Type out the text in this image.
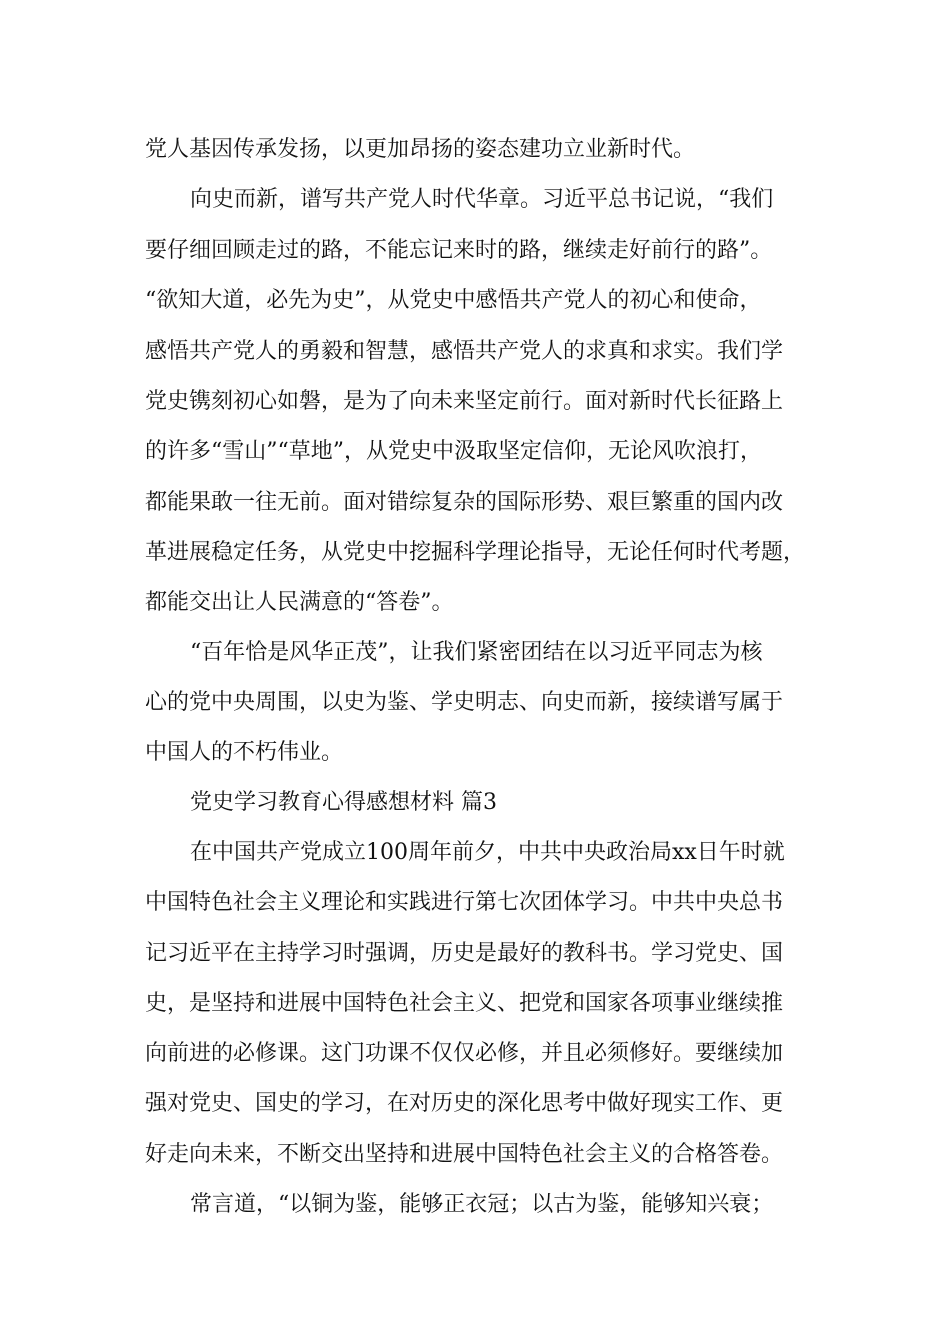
党人基因传承发扬，以更加昂扬的姿态建功立业新时代。
向史而新，谱写共产党人时代华章。习近平总书记说，“我们
要仔细回顾走过的路，不能忘记来时的路，继续走好前行的路”。
“欲知大道，必先为史”，从党史中感悟共产党人的初心和使命，
感悟共产党人的勇毅和智慧，感悟共产党人的求真和求实。我们学
党史镌刻初心如磐，是为了向未来坚定前行。面对新时代长征路上
的许多“雪山”“草地”，从党史中汲取坚定信仰，无论风吹浪打，
都能果敢一往无前。面对错综复杂的国际形势、艰巨繁重的国内改
革进展稳定任务，从党史中挖掘科学理论指导，无论任何时代考题，
都能交出让人民满意的“答卷”。
“百年恰是风华正茂”，让我们紧密团结在以习近平同志为核
心的党中央周围，以史为鉴、学史明志、向史而新，接续谱写属于
中国人的不朽伟业。
党史学习教育心得感想材料 篇3
在中国共产党成立100周年前夕，中共中央政治局xx日午时就
中国特色社会主义理论和实践进行第七次团体学习。中共中央总书
记习近平在主持学习时强调，历史是最好的教科书。学习党史、国
史，是坚持和进展中国特色社会主义、把党和国家各项事业继续推
向前进的必修课。这门功课不仅仅必修，并且必须修好。要继续加
强对党史、国史的学习，在对历史的深化思考中做好现实工作、更
好走向未来，不断交出坚持和进展中国特色社会主义的合格答卷。
常言道，“以铜为鉴，能够正衣冠；以古为鉴，能够知兴衰；
